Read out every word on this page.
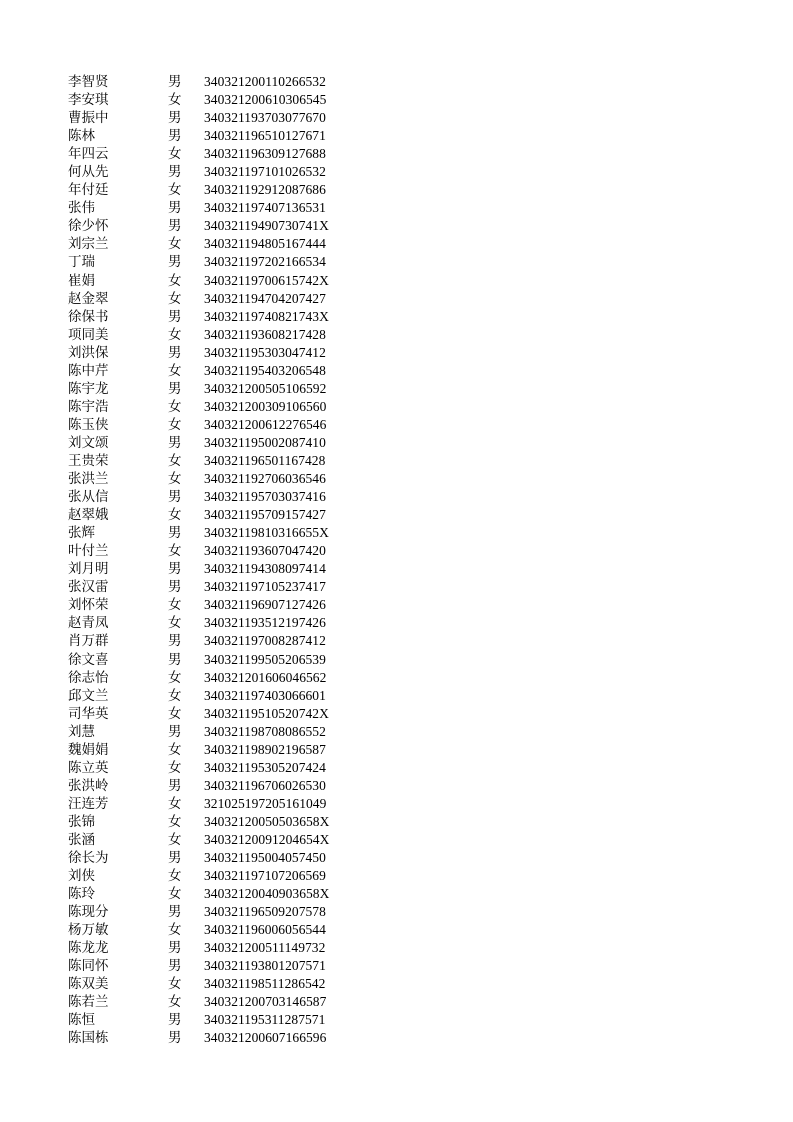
李智贤	男 340321200110266532
李安琪	女 340321200610306545
曹振中	男 340321193703077670
陈林	男 340321196510127671
年四云	女 340321196309127688
何从先	男 340321197101026532
年付廷	女 340321192912087686
张伟	男 340321197407136531
徐少怀	男 34032119490730741X
刘宗兰	女 340321194805167444
丁瑞	男 340321197202166534
崔娟	女 34032119700615742X
赵金翠	女 340321194704207427
徐保书	男 34032119740821743X
项同美	女 340321193608217428
刘洪保	男 340321195303047412
陈中芹	女 340321195403206548
陈宇龙	男 340321200505106592
陈宇浩	女 340321200309106560
陈玉侠	女 340321200612276546
刘文颂	男 340321195002087410
王贵荣	女 340321196501167428
张洪兰	女 340321192706036546
张从信	男 340321195703037416
赵翠娥	女 340321195709157427
张辉	男 34032119810316655X
叶付兰	女 340321193607047420
刘月明	男 340321194308097414
张汉雷	男 340321197105237417
刘怀荣	女 340321196907127426
赵青凤	女 340321193512197426
肖万群	男 340321197008287412
徐文喜	男 340321199505206539
徐志怡	女 340321201606046562
邱文兰	女 340321197403066601
司华英	女 34032119510520742X
刘慧	男 340321198708086552
魏娟娟	女 340321198902196587
陈立英	女 340321195305207424
张洪岭	男 340321196706026530
汪连芳	女 321025197205161049
张锦	女 34032120050503658X
张涵	女 34032120091204654X
徐长为	男 340321195004057450
刘侠	女 340321197107206569
陈玲	女 34032120040903658X
陈现分	男 340321196509207578
杨万敏	女 340321196006056544
陈龙龙	男 340321200511149732
陈同怀	男 340321193801207571
陈双美	女 340321198511286542
陈若兰	女 340321200703146587
陈恒	男 340321195311287571
陈国栋	男 340321200607166596
